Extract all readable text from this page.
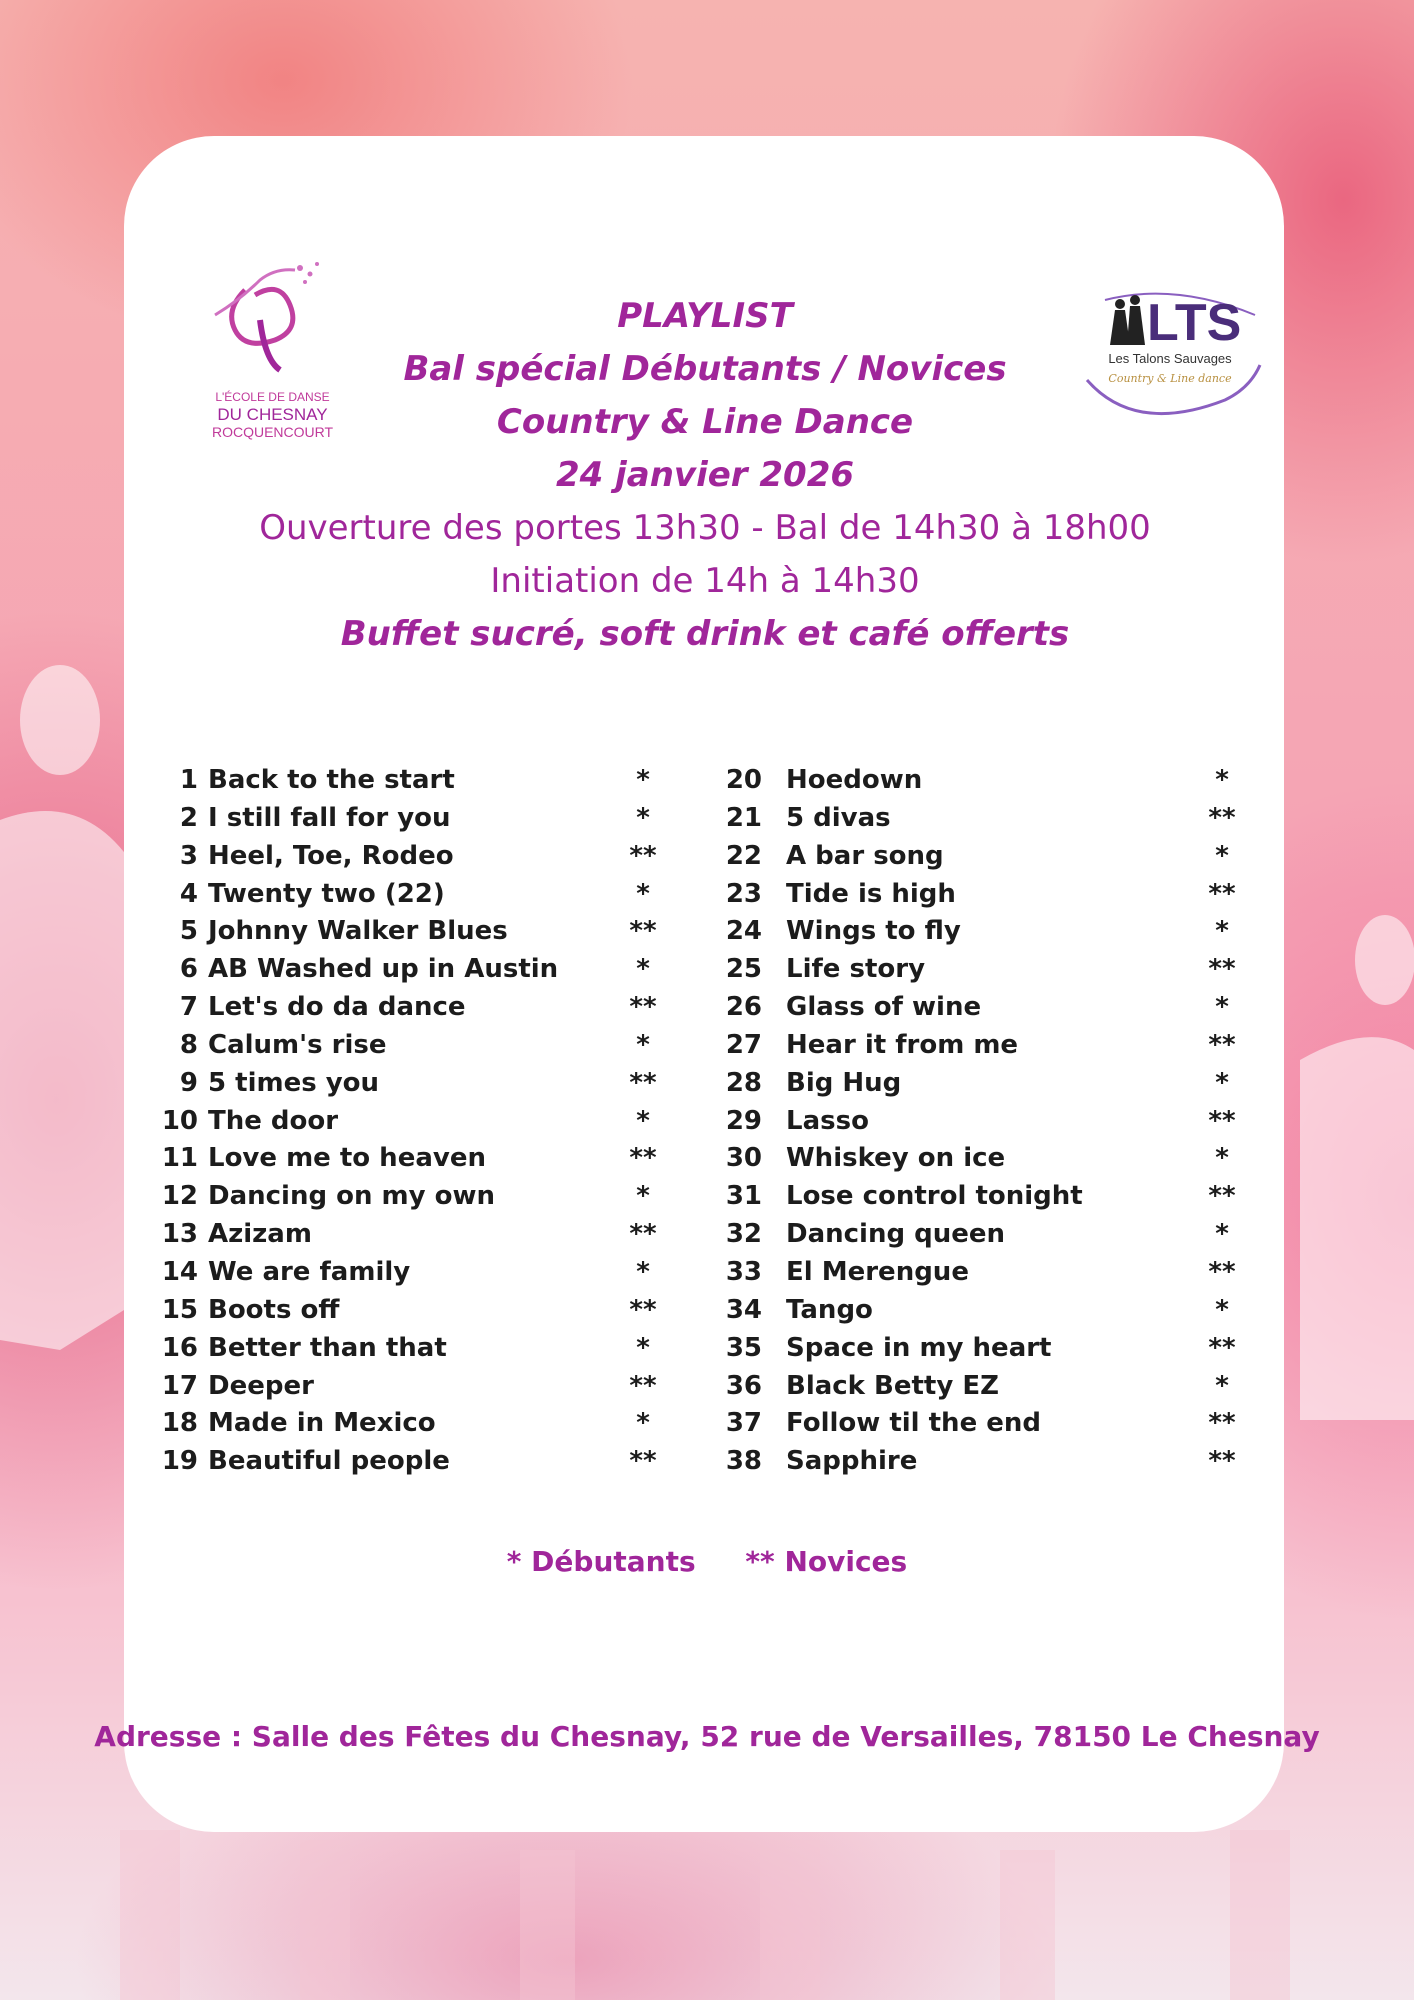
L'ÉCOLE DE DANSE
DU CHESNAY
ROCQUENCOURT
LTS
Les Talons Sauvages
Country & Line dance
PLAYLIST
Bal spécial Débutants / Novices
Country & Line Dance
24 janvier 2026
Ouverture des portes 13h30 - Bal de 14h30 à 18h00
Initiation de 14h à 14h30
Buffet sucré, soft drink et café offerts
1 Back to the start	*
2 I still fall for you	*
3 Heel, Toe, Rodeo	**
4 Twenty two (22)	*
5 Johnny Walker Blues	**
6 AB Washed up in Austin	*
7 Let's do da dance	**
8 Calum's rise	*
9 5 times you	**
10 The door	*
11 Love me to heaven	**
12 Dancing on my own	*
13 Azizam	**
14 We are family	*
15 Boots off	**
16 Better than that	*
17 Deeper	**
18 Made in Mexico	*
19 Beautiful people	**
20 Hoedown	*
21 5 divas	**
22 A bar song	*
23 Tide is high	**
24 Wings to fly	*
25 Life story	**
26 Glass of wine	*
27 Hear it from me	**
28 Big Hug	*
29 Lasso	**
30 Whiskey on ice	*
31 Lose control tonight	**
32 Dancing queen	*
33 El Merengue	**
34 Tango	*
35 Space in my heart	**
36 Black Betty EZ	*
37 Follow til the end	**
38 Sapphire	**
* Débutants ** Novices
Adresse : Salle des Fêtes du Chesnay, 52 rue de Versailles, 78150 Le Chesnay
